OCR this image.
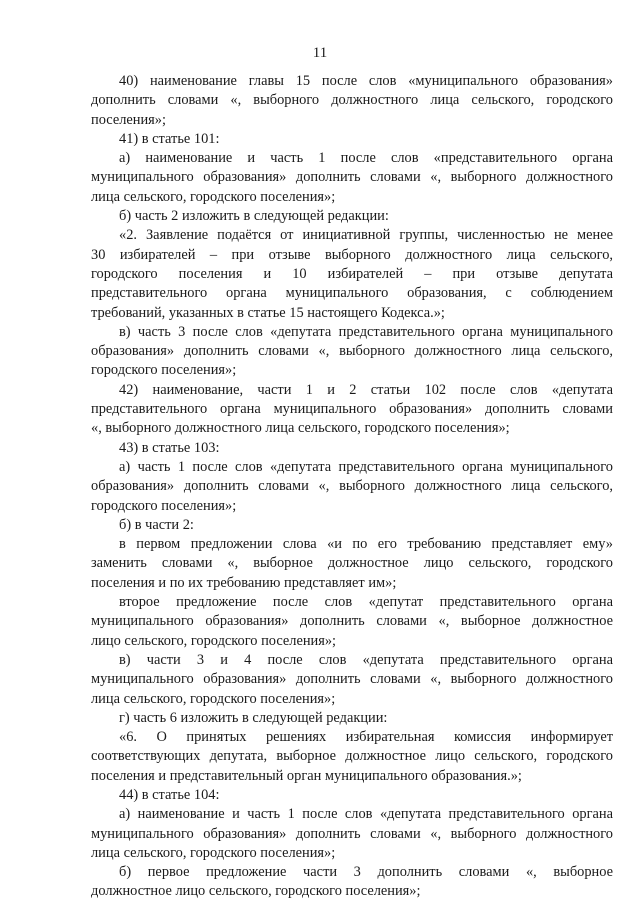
11
40) наименование главы 15 после слов «муниципального образования»
дополнить словами «, выборного должностного лица сельского, городского
поселения»;
41) в статье 101:
а) наименование и часть 1 после слов «представительного органа
муниципального образования» дополнить словами «, выборного должностного
лица сельского, городского поселения»;
б) часть 2 изложить в следующей редакции:
«2. Заявление подаётся от инициативной группы, численностью не менее
30 избирателей – при отзыве выборного должностного лица сельского,
городского поселения и 10 избирателей – при отзыве депутата
представительного органа муниципального образования, с соблюдением
требований, указанных в статье 15 настоящего Кодекса.»;
в) часть 3 после слов «депутата представительного органа муниципального
образования» дополнить словами «, выборного должностного лица сельского,
городского поселения»;
42) наименование, части 1 и 2 статьи 102 после слов «депутата
представительного органа муниципального образования» дополнить словами
«, выборного должностного лица сельского, городского поселения»;
43) в статье 103:
а) часть 1 после слов «депутата представительного органа муниципального
образования» дополнить словами «, выборного должностного лица сельского,
городского поселения»;
б) в части 2:
в первом предложении слова «и по его требованию представляет ему»
заменить словами «, выборное должностное лицо сельского, городского
поселения и по их требованию представляет им»;
второе предложение после слов «депутат представительного органа
муниципального образования» дополнить словами «, выборное должностное
лицо сельского, городского поселения»;
в) части 3 и 4 после слов «депутата представительного органа
муниципального образования» дополнить словами «, выборного должностного
лица сельского, городского поселения»;
г) часть 6 изложить в следующей редакции:
«6. О принятых решениях избирательная комиссия информирует
соответствующих депутата, выборное должностное лицо сельского, городского
поселения и представительный орган муниципального образования.»;
44) в статье 104:
а) наименование и часть 1 после слов «депутата представительного органа
муниципального образования» дополнить словами «, выборного должностного
лица сельского, городского поселения»;
б) первое предложение части 3 дополнить словами «, выборное
должностное лицо сельского, городского поселения»;
